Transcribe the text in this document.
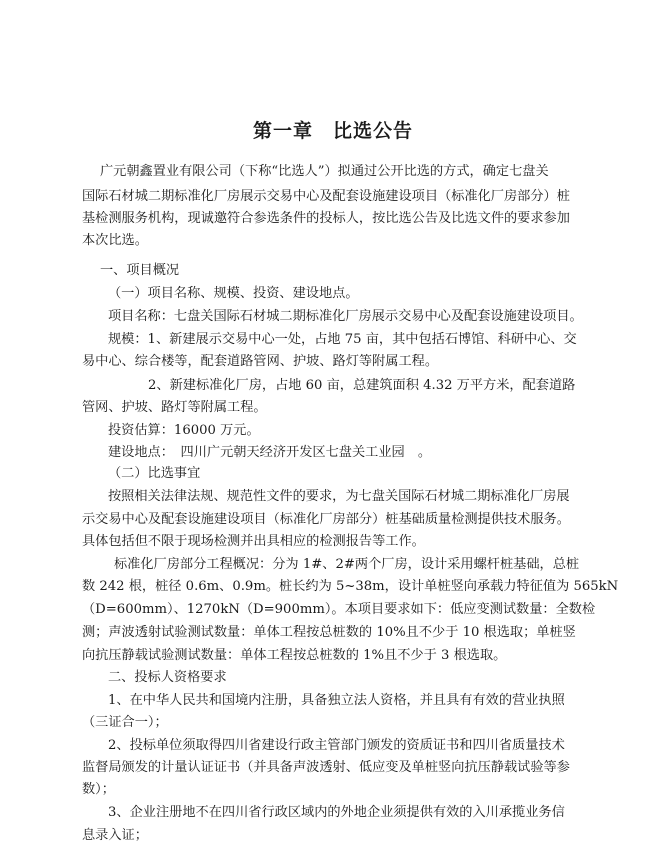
第一章　比选公告
广元朝鑫置业有限公司（下称“比选人”）拟通过公开比选的方式，确定七盘关
国际石材城二期标准化厂房展示交易中心及配套设施建设项目（标准化厂房部分）桩
基检测服务机构，现诚邀符合参选条件的投标人，按比选公告及比选文件的要求参加
本次比选。
一、项目概况
（一）项目名称、规模、投资、建设地点。
项目名称：七盘关国际石材城二期标准化厂房展示交易中心及配套设施建设项目。
规模：1、新建展示交易中心一处，占地 75 亩，其中包括石博馆、科研中心、交
易中心、综合楼等，配套道路管网、护坡、路灯等附属工程。
2、新建标准化厂房，占地 60 亩，总建筑面积 4.32 万平方米，配套道路
管网、护坡、路灯等附属工程。
投资估算：16000 万元。
建设地点：　四川广元朝天经济开发区七盘关工业园　。
（二）比选事宜
按照相关法律法规、规范性文件的要求，为七盘关国际石材城二期标准化厂房展
示交易中心及配套设施建设项目（标准化厂房部分）桩基础质量检测提供技术服务。
具体包括但不限于现场检测并出具相应的检测报告等工作。
标准化厂房部分工程概况：分为 1#、2#两个厂房，设计采用螺杆桩基础，总桩
数 242 根，桩径 0.6m、0.9m。桩长约为 5~38m，设计单桩竖向承载力特征值为 565kN
（D=600mm）、1270kN（D=900mm）。本项目要求如下：低应变测试数量：全数检
测；声波透射试验测试数量：单体工程按总桩数的 10%且不少于 10 根选取；单桩竖
向抗压静载试验测试数量：单体工程按总桩数的 1%且不少于 3 根选取。
二、投标人资格要求
1、在中华人民共和国境内注册，具备独立法人资格，并且具有有效的营业执照
（三证合一）；
2、投标单位须取得四川省建设行政主管部门颁发的资质证书和四川省质量技术
监督局颁发的计量认证证书（并具备声波透射、低应变及单桩竖向抗压静载试验等参
数）；
3、企业注册地不在四川省行政区域内的外地企业须提供有效的入川承揽业务信
息录入证；
